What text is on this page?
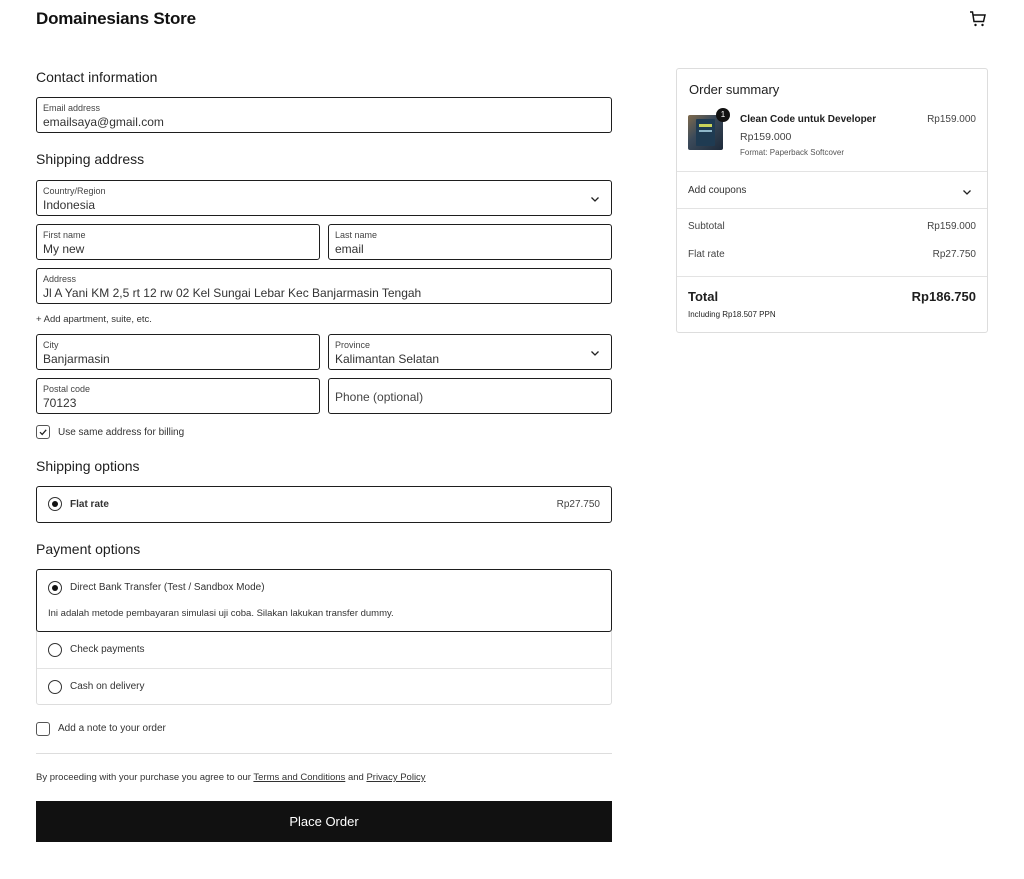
Domainesians Store
Contact information
Email address
emailsaya@gmail.com
Shipping address
Country/Region
Indonesia
First name
My new
Last name
email
Address
Jl A Yani KM 2,5 rt 12 rw 02 Kel Sungai Lebar Kec Banjarmasin Tengah
+ Add apartment, suite, etc.
City
Banjarmasin
Province
Kalimantan Selatan
Postal code
70123	Phone (optional)
Use same address for billing
Shipping options
Flat rate	Rp27.750
Payment options
Direct Bank Transfer (Test / Sandbox Mode)
Ini adalah metode pembayaran simulasi uji coba. Silakan lakukan transfer dummy.
Check payments
Cash on delivery
Add a note to your order
By proceeding with your purchase you agree to our Terms and Conditions and Privacy Policy
Place Order
Order summary
1	Clean Code untuk Developer	Rp159.000
Rp159.000
Format: Paperback Softcover
Add coupons
Subtotal	Rp159.000
Flat rate	Rp27.750
Total	Rp186.750
Including Rp18.507 PPN
